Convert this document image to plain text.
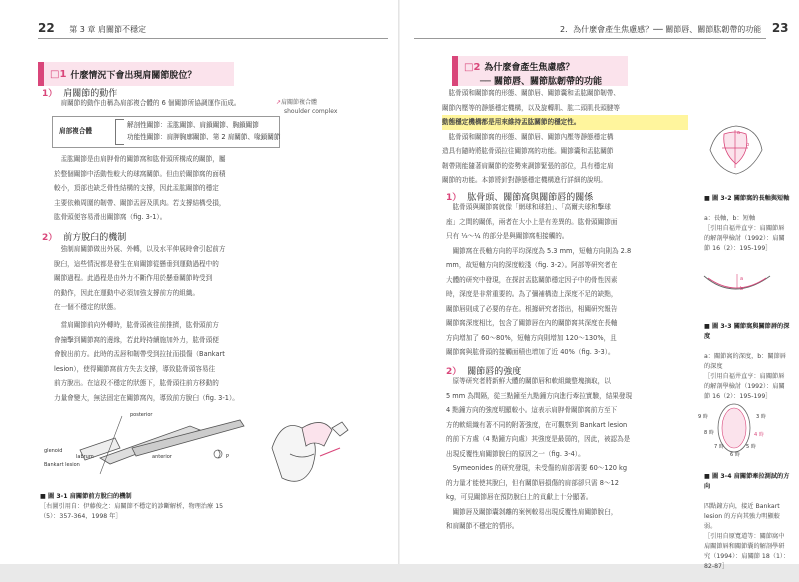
22 第 3 章 肩關節不穩定
□1 什麼情況下會出現肩關節脫位？
1） 肩關節的動作

肩關節的動作由稱為肩部複合體的 6 個關節所協調運作而成。	↗肩關節複合體
shoulder complex
肩部複合體
解剖性關節：盂肱關節、肩鎖關節、胸鎖關節
功能性關節：肩胛胸廓關節、第 2 肩關節、喙鎖關節
盂肱關節是由肩胛骨的關節窩和肱骨頭所構成的關節，屬
於整個關節中活動性較大的球窩關節。但由於關節窩的面積
較小，頂部也缺乏骨性結構的支撐，因此盂肱關節的穩定
主要依賴周圍的韌帶、關節盂唇及肌肉。若支撐結構受損，
肱骨頭便容易滑出關節窩（fig. 3-1）。
2） 前方脫臼的機制
強制肩關節做出外展、外轉，以及水平伸展時會引起前方
脫臼，這些情況都是發生在肩關節從懸垂到運動過程中的
關節過程。此過程是由外力不斷作用於懸垂關節時受到
的動作，因此在運動中必須加強支撐前方的組織。
在一個不穩定的狀態。
當肩關節前向外轉時，肱骨頭被往前推擠，肱骨頭前方
會撞擊到關節窩的邊緣，若此時持續施加外力，肱骨頭便
會脫出前方。此時的盂唇和韌帶受到拉扯而損傷（Bankart
lesion），使得關節窩前方失去支撐，導致肱骨頭容易往
前方脫出。在這段不穩定的狀態下，肱骨頭往前方移動的
力量會變大，無法固定在關節窩內，導致前方脫臼（fig. 3-1）。
posterior
glenoid
labrum
Bankart lesion
anterior	P
■ 圖 3-1 肩關節前方脫臼的機制
［右圖引用自：伊藤俊之：肩關節不穩定的診斷解析，物理治療 15（5）：357-364，1998 年］
2．為什麼會產生焦慮感？── 關節唇、關節肱韌帶的功能 23
□2 為什麼會產生焦慮感？
── 關節唇、關節肱韌帶的功能
肱骨頭和關節窩的形態、關節唇、關節囊和盂肱關節韌帶、
關節內壓等的靜態穩定機構，以及旋轉肌、肱二頭肌長頭腱等
動態穩定機構都是用來維持盂肱關節的穩定性。
肱骨頭和關節窩的形態、關節唇、關節內壓等靜態穩定構
造具有隨時將肱骨頭拉往關節窩的功能。關節囊和盂肱關節
韌帶則能隨著肩關節的姿勢來調節緊張的部位，具有穩定肩
關節的功能。本節將針對靜態穩定機構進行詳細的說明。
1） 肱骨頭、關節窩與關節唇的關係
肱骨頭與關節窩就像「網球和球拍」、「高爾夫球和擊球
座」之間的關係，兩者在大小上是有差異的。肱骨頭關節面
只有 ⅓～¼ 的部分是與關節窩相接觸的。
關節窩在長軸方向的平均深度為 5.3 mm，短軸方向則為 2.8
mm，故短軸方向的深度較淺（fig. 3-2）。阿部等研究者在
大體的研究中發現，在探討盂肱關節穩定因子中的骨性因素
時，深度是非常重要的。為了彌補構造上深度不足的缺點，
關節唇則成了必要的存在。根據研究者指出，相關研究報告
關節窩深度相比，包含了關節唇在內的關節窩其深度在長軸
方向增加了 60～80%，短軸方向則增加 120～130%，且
關節窩與肱骨頭的接觸面積也增加了近 40%（fig. 3-3）。
2） 關節唇的強度
原等研究者將新鮮大體的關節唇和軟組織整塊摘取，以
5 mm 為間隔，從三點鐘至九點鐘方向進行牽拉實驗，結果發現
4 點鐘方向的強度明顯較小。這表示肩胛骨關節窩前方至下
方的軟組織有著不同的附著強度，在可觀察到 Bankart lesion
的前下方處（4 點鐘方向處）其強度是最弱的，因此，被認為是
出現反覆性肩關節脫臼的原因之一（fig. 3-4）。
Symeonides 的研究發現，未受傷的肩部需要 60～120 kg
的力量才能使其脫臼，但有關節唇損傷的肩部卻只需 8～12
kg，可見關節唇在預防脫臼上的貢獻上十分顯著。
關節唇及關節囊剝離的案例較易出現反覆性肩關節脫臼，
和肩關節不穩定的情形。
a
b

■ 圖 3-2 關節窩的長軸與短軸

a：長軸，b：短軸
［引用自福井直亨：肩關節唇的解剖學檢討（1992）：肩關節 16（2）：195-199］

a
b

■ 圖 3-3 關節窩與關節唇的深度

a：關節窩的深度，b：關節唇的深度
［引用自福井直亨：肩關節唇的解剖學檢討（1992）：肩關節 16（2）：195-199］

9 時
8 時
7 時
6 時
5 時
4 時
3 時

■ 圖 3-4 肩關節牽拉測試的方向

四點鐘方向，接近 Bankart lesion 的方向其強力明顯較弱。
［引用自原寬道等：關節窩中肩關節唇和關節囊的解剖學研究（1994）：肩關節 18（1）：82-87］
